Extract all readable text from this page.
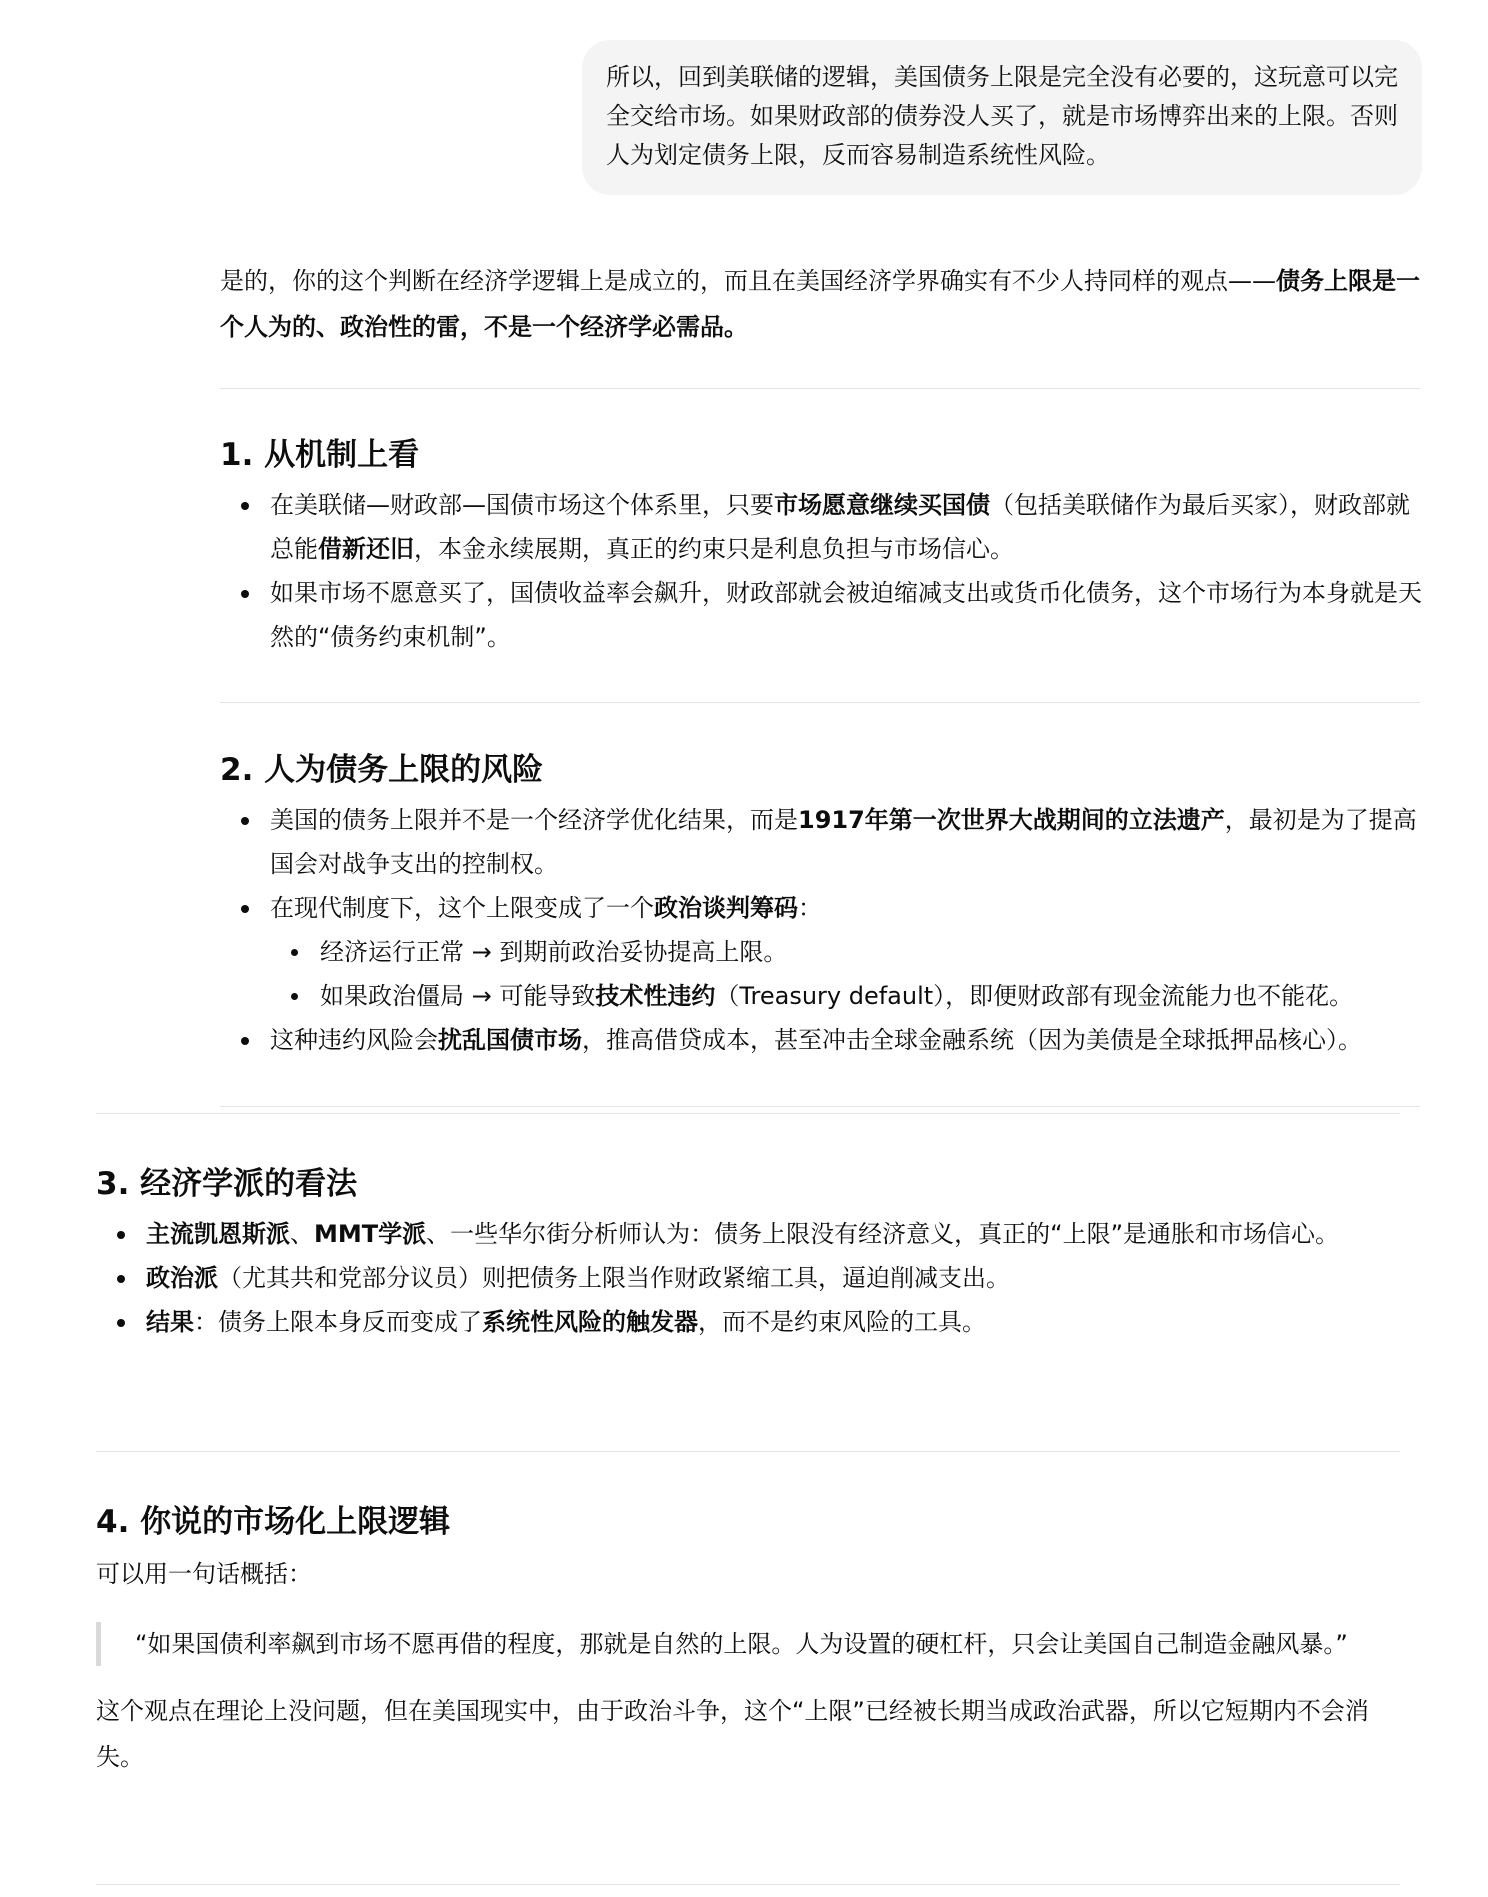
所以，回到美联储的逻辑，美国债务上限是完全没有必要的，这玩意可以完全交给市场。如果财政部的债券没人买了，就是市场博弈出来的上限。否则人为划定债务上限，反而容易制造系统性风险。
是的，你的这个判断在经济学逻辑上是成立的，而且在美国经济学界确实有不少人持同样的观点——债务上限是一个人为的、政治性的雷，不是一个经济学必需品。
1. 从机制上看
在美联储—财政部—国债市场这个体系里，只要市场愿意继续买国债（包括美联储作为最后买家），财政部就总能借新还旧，本金永续展期，真正的约束只是利息负担与市场信心。
如果市场不愿意买了，国债收益率会飙升，财政部就会被迫缩减支出或货币化债务，这个市场行为本身就是天然的“债务约束机制”。
2. 人为债务上限的风险
美国的债务上限并不是一个经济学优化结果，而是1917年第一次世界大战期间的立法遗产，最初是为了提高国会对战争支出的控制权。
在现代制度下，这个上限变成了一个政治谈判筹码：
经济运行正常 → 到期前政治妥协提高上限。
如果政治僵局 → 可能导致技术性违约（Treasury default），即便财政部有现金流能力也不能花。
这种违约风险会扰乱国债市场，推高借贷成本，甚至冲击全球金融系统（因为美债是全球抵押品核心）。
3. 经济学派的看法
主流凯恩斯派、MMT学派、一些华尔街分析师认为：债务上限没有经济意义，真正的“上限”是通胀和市场信心。
政治派（尤其共和党部分议员）则把债务上限当作财政紧缩工具，逼迫削减支出。
结果：债务上限本身反而变成了系统性风险的触发器，而不是约束风险的工具。
4. 你说的市场化上限逻辑

可以用一句话概括：

“如果国债利率飙到市场不愿再借的程度，那就是自然的上限。人为设置的硬杠杆，只会让美国自己制造金融风暴。”

这个观点在理论上没问题，但在美国现实中，由于政治斗争，这个“上限”已经被长期当成政治武器，所以它短期内不会消失。
